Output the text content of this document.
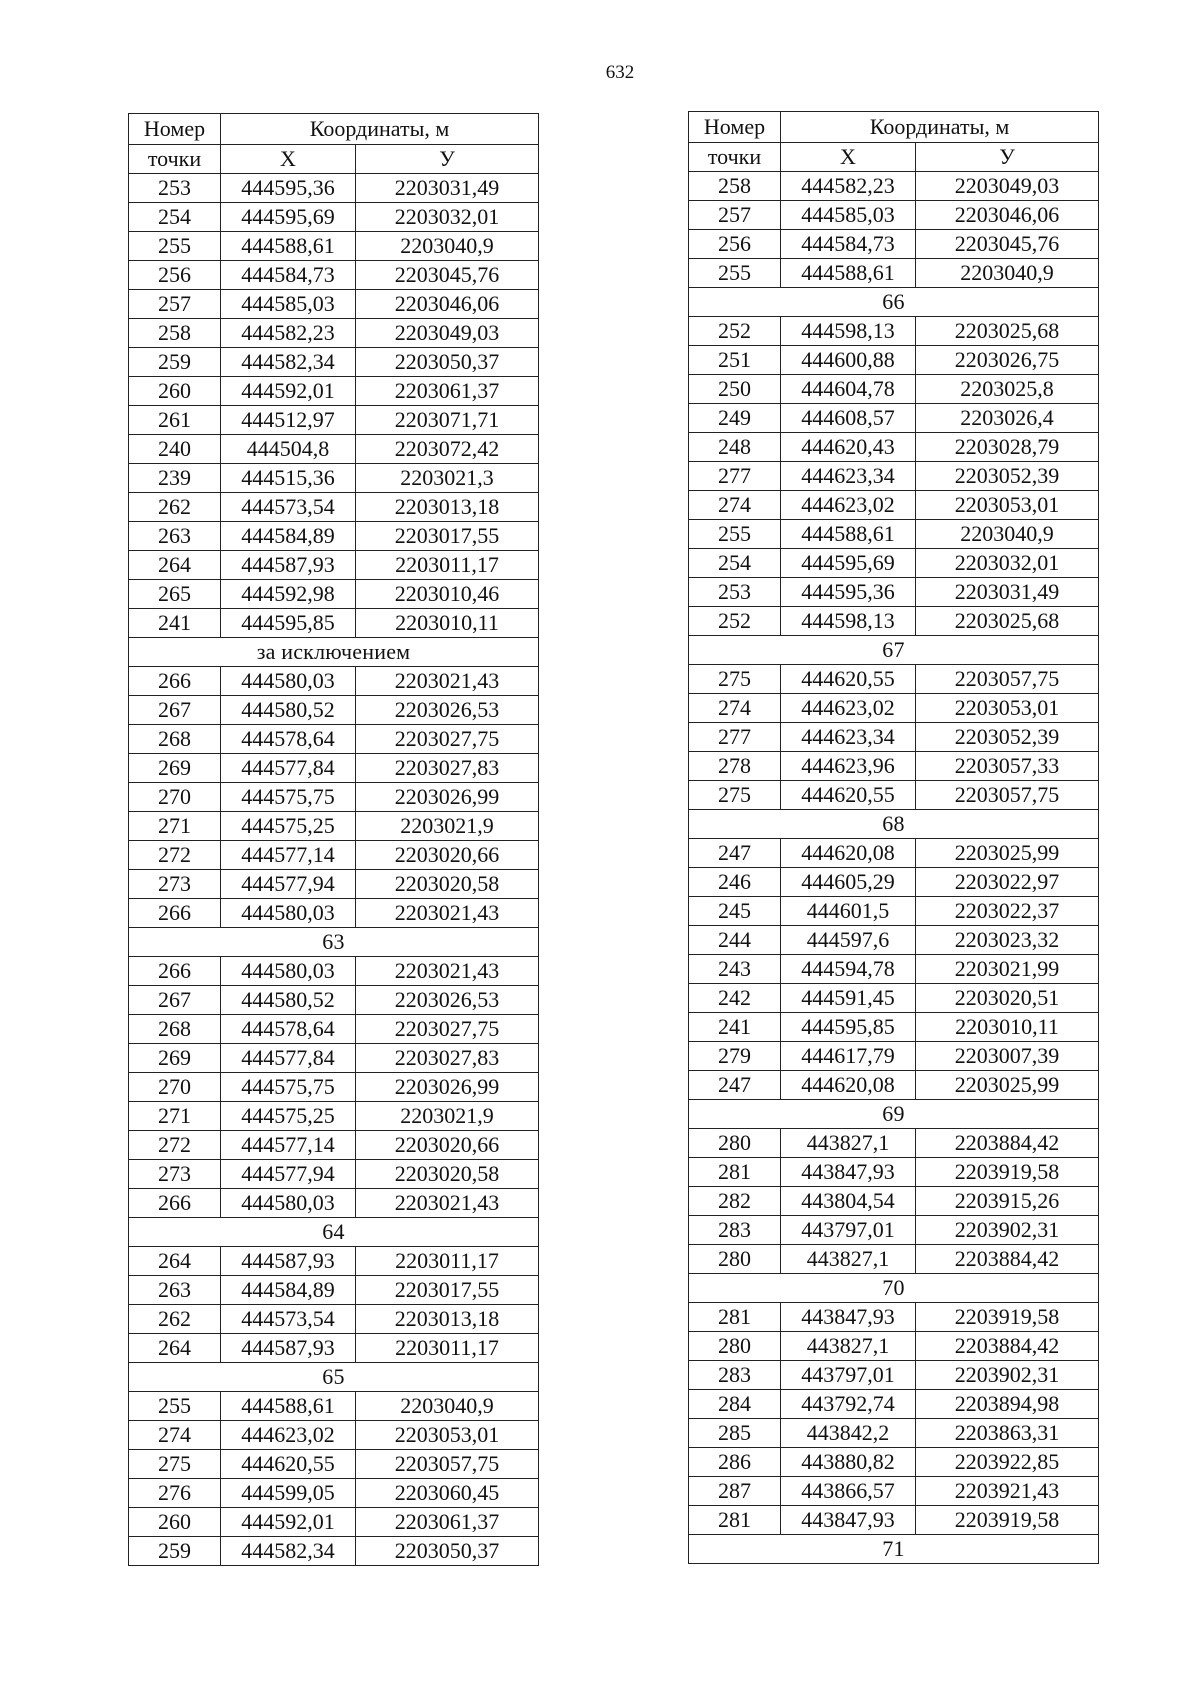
632
Номер	Координаты, м	
точки	Х	У
253	444595,36	2203031,49
254	444595,69	2203032,01
255	444588,61	2203040,9
256	444584,73	2203045,76
257	444585,03	2203046,06
258	444582,23	2203049,03
259	444582,34	2203050,37
260	444592,01	2203061,37
261	444512,97	2203071,71
240	444504,8	2203072,42
239	444515,36	2203021,3
262	444573,54	2203013,18
263	444584,89	2203017,55
264	444587,93	2203011,17
265	444592,98	2203010,46
241	444595,85	2203010,11
за исключением		
266	444580,03	2203021,43
267	444580,52	2203026,53
268	444578,64	2203027,75
269	444577,84	2203027,83
270	444575,75	2203026,99
271	444575,25	2203021,9
272	444577,14	2203020,66
273	444577,94	2203020,58
266	444580,03	2203021,43
63		
266	444580,03	2203021,43
267	444580,52	2203026,53
268	444578,64	2203027,75
269	444577,84	2203027,83
270	444575,75	2203026,99
271	444575,25	2203021,9
272	444577,14	2203020,66
273	444577,94	2203020,58
266	444580,03	2203021,43
64		
264	444587,93	2203011,17
263	444584,89	2203017,55
262	444573,54	2203013,18
264	444587,93	2203011,17
65		
255	444588,61	2203040,9
274	444623,02	2203053,01
275	444620,55	2203057,75
276	444599,05	2203060,45
260	444592,01	2203061,37
259	444582,34	2203050,37
Номер	Координаты, м	
точки	Х	У
258	444582,23	2203049,03
257	444585,03	2203046,06
256	444584,73	2203045,76
255	444588,61	2203040,9
66		
252	444598,13	2203025,68
251	444600,88	2203026,75
250	444604,78	2203025,8
249	444608,57	2203026,4
248	444620,43	2203028,79
277	444623,34	2203052,39
274	444623,02	2203053,01
255	444588,61	2203040,9
254	444595,69	2203032,01
253	444595,36	2203031,49
252	444598,13	2203025,68
67		
275	444620,55	2203057,75
274	444623,02	2203053,01
277	444623,34	2203052,39
278	444623,96	2203057,33
275	444620,55	2203057,75
68		
247	444620,08	2203025,99
246	444605,29	2203022,97
245	444601,5	2203022,37
244	444597,6	2203023,32
243	444594,78	2203021,99
242	444591,45	2203020,51
241	444595,85	2203010,11
279	444617,79	2203007,39
247	444620,08	2203025,99
69		
280	443827,1	2203884,42
281	443847,93	2203919,58
282	443804,54	2203915,26
283	443797,01	2203902,31
280	443827,1	2203884,42
70		
281	443847,93	2203919,58
280	443827,1	2203884,42
283	443797,01	2203902,31
284	443792,74	2203894,98
285	443842,2	2203863,31
286	443880,82	2203922,85
287	443866,57	2203921,43
281	443847,93	2203919,58
71		
